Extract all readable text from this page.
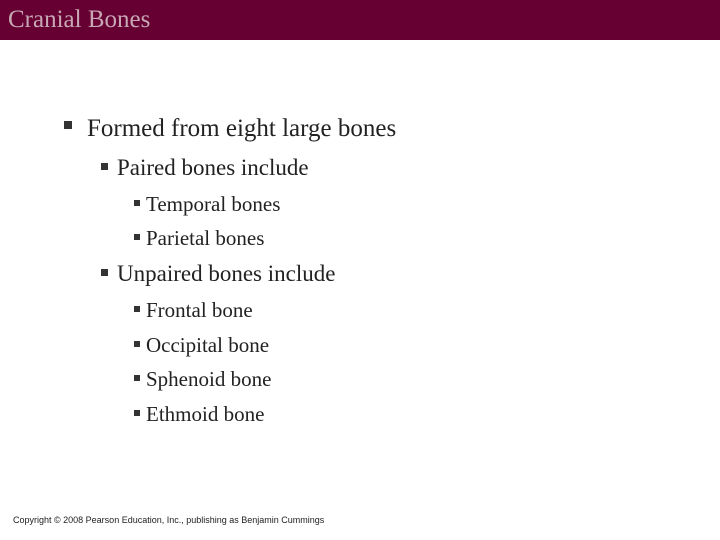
Cranial Bones
Formed from eight large bones
Paired bones include
Temporal bones
Parietal bones
Unpaired bones include
Frontal bone
Occipital bone
Sphenoid bone
Ethmoid bone
Copyright © 2008 Pearson Education, Inc., publishing as Benjamin Cummings
